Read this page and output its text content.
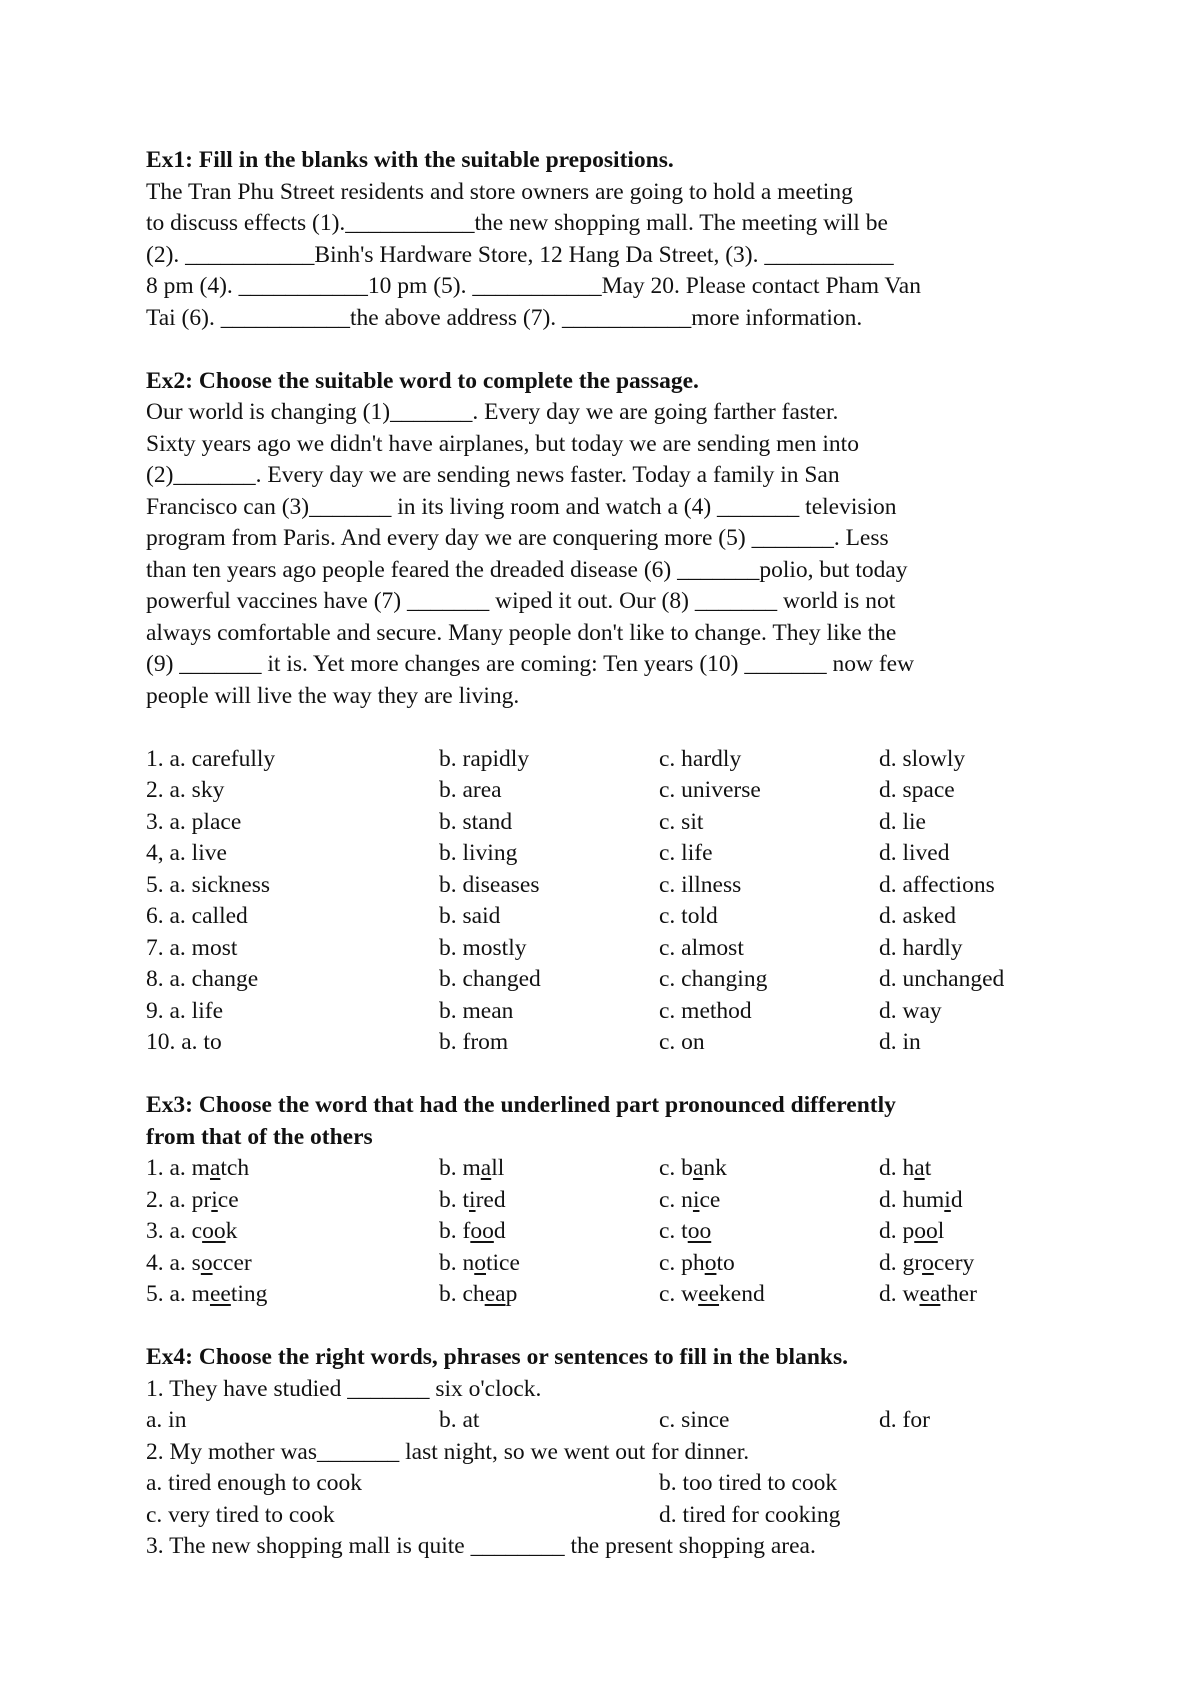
Ex1: Fill in the blanks with the suitable prepositions.
The Tran Phu Street residents and store owners are going to hold a meeting
to discuss effects (1).___________the new shopping mall. The meeting will be
(2). ___________Binh's Hardware Store, 12 Hang Da Street, (3). ___________
8 pm (4). ___________10 pm (5). ___________May 20. Please contact Pham Van
Tai (6). ___________the above address (7). ___________more information.
Ex2: Choose the suitable word to complete the passage.
Our world is changing (1)_______. Every day we are going farther faster.
Sixty years ago we didn't have airplanes, but today we are sending men into
(2)_______. Every day we are sending news faster. Today a family in San
Francisco can (3)_______ in its living room and watch a (4) _______ television
program from Paris. And every day we are conquering more (5) _______. Less
than ten years ago people feared the dreaded disease (6) _______polio, but today
powerful vaccines have (7) _______ wiped it out. Our (8) _______ world is not
always comfortable and secure. Many people don't like to change. They like the
(9) _______ it is. Yet more changes are coming: Ten years (10) _______ now few
people will live the way they are living.
1. a. carefully	b. rapidly	c. hardly	d. slowly
2. a. sky	b. area	c. universe	d. space
3. a. place	b. stand	c. sit	d. lie
4, a. live	b. living	c. life	d. lived
5. a. sickness	b. diseases	c. illness	d. affections
6. a. called	b. said	c. told	d. asked
7. a. most	b. mostly	c. almost	d. hardly
8. a. change	b. changed	c. changing	d. unchanged
9. a. life	b. mean	c. method	d. way
10. a. to	b. from	c. on	d. in
Ex3: Choose the word that had the underlined part pronounced differently
from that of the others
1. a. match	b. mall	c. bank	d. hat
2. a. price	b. tired	c. nice	d. humid
3. a. cook	b. food	c. too	d. pool
4. a. soccer	b. notice	c. photo	d. grocery
5. a. meeting	b. cheap	c. weekend	d. weather
Ex4: Choose the right words, phrases or sentences to fill in the blanks.
1. They have studied _______ six o'clock.
a. in	b. at	c. since	d. for
2. My mother was_______ last night, so we went out for dinner.
a. tired enough to cook	b. too tired to cook
c. very tired to cook	d. tired for cooking
3. The new shopping mall is quite ________ the present shopping area.
